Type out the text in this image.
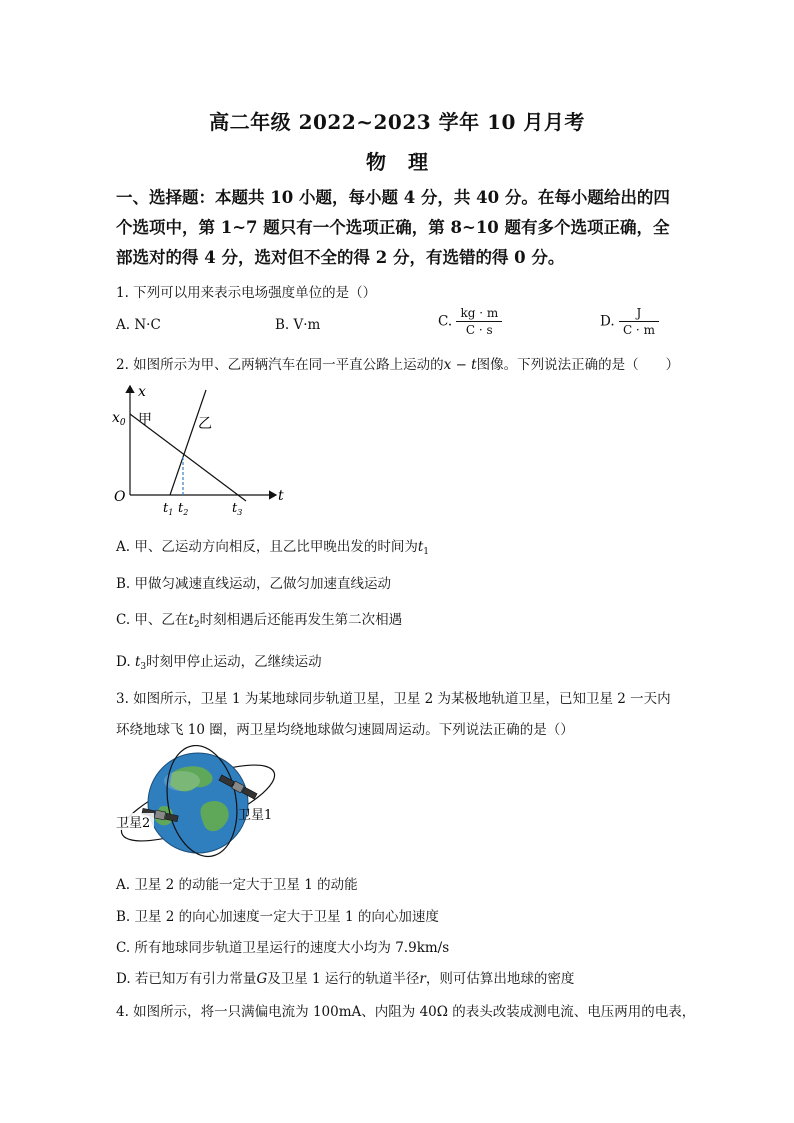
高二年级 2022~2023 学年 10 月月考
物理
一、选择题：本题共 10 小题，每小题 4 分，共 40 分。在每小题给出的四个选项中，第 1~7 题只有一个选项正确，第 8~10 题有多个选项正确，全部选对的得 4 分，选对但不全的得 2 分，有选错的得 0 分。
1. 下列可以用来表示电场强度单位的是（）
A. N·C	B. V·m	C. $\frac{kg \cdot m}{C \cdot s}$	D. $\frac{J}{C \cdot m}$
2. 如图所示为甲、乙两辆汽车在同一平直公路上运动的x − t图像。下列说法正确的是（　　）
x
t
O
$x_0$ 甲	乙
$t_1$ $t_2$	$t_3$
A. 甲、乙运动方向相反，且乙比甲晚出发的时间为$t_1$
B. 甲做匀减速直线运动，乙做匀加速直线运动
C. 甲、乙在$t_2$时刻相遇后还能再发生第二次相遇
D. $t_3$时刻甲停止运动，乙继续运动
3. 如图所示，卫星 1 为某地球同步轨道卫星，卫星 2 为某极地轨道卫星，已知卫星 2 一天内
环绕地球飞 10 圈，两卫星均绕地球做匀速圆周运动。下列说法正确的是（）
卫星2
卫星1
A. 卫星 2 的动能一定大于卫星 1 的动能
B. 卫星 2 的向心加速度一定大于卫星 1 的向心加速度
C. 所有地球同步轨道卫星运行的速度大小均为 7.9km/s
D. 若已知万有引力常量G及卫星 1 运行的轨道半径r，则可估算出地球的密度
4. 如图所示，将一只满偏电流为 100mA、内阻为 40Ω 的表头改装成测电流、电压两用的电表，
